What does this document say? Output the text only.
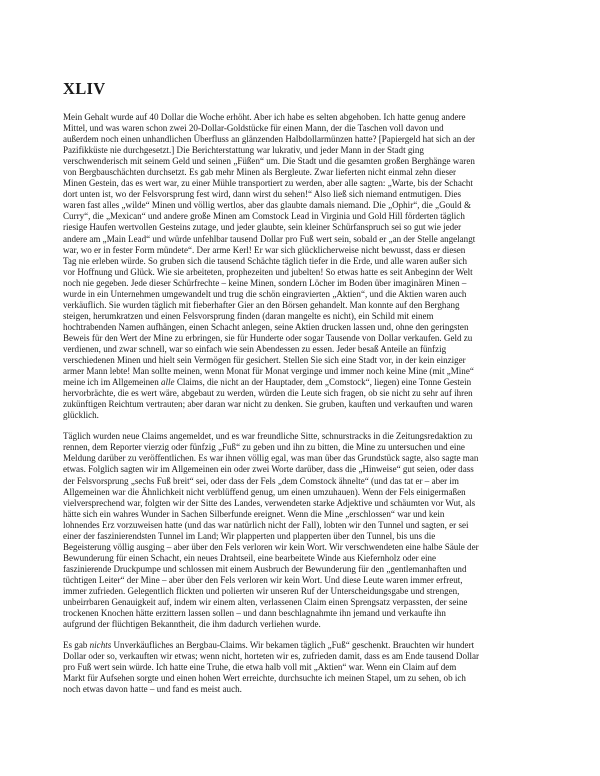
XLIV

Mein Gehalt wurde auf 40 Dollar die Woche erhöht. Aber ich habe es selten abgehoben. Ich hatte genug andere
Mittel, und was waren schon zwei 20-Dollar-Goldstücke für einen Mann, der die Taschen voll davon und
außerdem noch einen unhandlichen Überfluss an glänzenden Halbdollarmünzen hatte? [Papiergeld hat sich an der
Pazifikküste nie durchgesetzt.] Die Berichterstattung war lukrativ, und jeder Mann in der Stadt ging
verschwenderisch mit seinem Geld und seinen „Füßen“ um. Die Stadt und die gesamten großen Berghänge waren
von Bergbauschächten durchsetzt. Es gab mehr Minen als Bergleute. Zwar lieferten nicht einmal zehn dieser
Minen Gestein, das es wert war, zu einer Mühle transportiert zu werden, aber alle sagten: „Warte, bis der Schacht
dort unten ist, wo der Felsvorsprung fest wird, dann wirst du sehen!“ Also ließ sich niemand entmutigen. Dies
waren fast alles „wilde“ Minen und völlig wertlos, aber das glaubte damals niemand. Die „Ophir“, die „Gould &
Curry“, die „Mexican“ und andere große Minen am Comstock Lead in Virginia und Gold Hill förderten täglich
riesige Haufen wertvollen Gesteins zutage, und jeder glaubte, sein kleiner Schürfanspruch sei so gut wie jeder
andere am „Main Lead“ und würde unfehlbar tausend Dollar pro Fuß wert sein, sobald er „an der Stelle angelangt
war, wo er in fester Form mündete“. Der arme Kerl! Er war sich glücklicherweise nicht bewusst, dass er diesen
Tag nie erleben würde. So gruben sich die tausend Schächte täglich tiefer in die Erde, und alle waren außer sich
vor Hoffnung und Glück. Wie sie arbeiteten, prophezeiten und jubelten! So etwas hatte es seit Anbeginn der Welt
noch nie gegeben. Jede dieser Schürfrechte – keine Minen, sondern Löcher im Boden über imaginären Minen –
wurde in ein Unternehmen umgewandelt und trug die schön eingravierten „Aktien“, und die Aktien waren auch
verkäuflich. Sie wurden täglich mit fieberhafter Gier an den Börsen gehandelt. Man konnte auf den Berghang
steigen, herumkratzen und einen Felsvorsprung finden (daran mangelte es nicht), ein Schild mit einem
hochtrabenden Namen aufhängen, einen Schacht anlegen, seine Aktien drucken lassen und, ohne den geringsten
Beweis für den Wert der Mine zu erbringen, sie für Hunderte oder sogar Tausende von Dollar verkaufen. Geld zu
verdienen, und zwar schnell, war so einfach wie sein Abendessen zu essen. Jeder besaß Anteile an fünfzig
verschiedenen Minen und hielt sein Vermögen für gesichert. Stellen Sie sich eine Stadt vor, in der kein einziger
armer Mann lebte! Man sollte meinen, wenn Monat für Monat verginge und immer noch keine Mine (mit „Mine“
meine ich im Allgemeinen alle Claims, die nicht an der Hauptader, dem „Comstock“, liegen) eine Tonne Gestein
hervorbrächte, die es wert wäre, abgebaut zu werden, würden die Leute sich fragen, ob sie nicht zu sehr auf ihren
zukünftigen Reichtum vertrauten; aber daran war nicht zu denken. Sie gruben, kauften und verkauften und waren
glücklich.

Täglich wurden neue Claims angemeldet, und es war freundliche Sitte, schnurstracks in die Zeitungsredaktion zu
rennen, dem Reporter vierzig oder fünfzig „Fuß“ zu geben und ihn zu bitten, die Mine zu untersuchen und eine
Meldung darüber zu veröffentlichen. Es war ihnen völlig egal, was man über das Grundstück sagte, also sagte man
etwas. Folglich sagten wir im Allgemeinen ein oder zwei Worte darüber, dass die „Hinweise“ gut seien, oder dass
der Felsvorsprung „sechs Fuß breit“ sei, oder dass der Fels „dem Comstock ähnelte“ (und das tat er – aber im
Allgemeinen war die Ähnlichkeit nicht verblüffend genug, um einen umzuhauen). Wenn der Fels einigermaßen
vielversprechend war, folgten wir der Sitte des Landes, verwendeten starke Adjektive und schäumten vor Wut, als
hätte sich ein wahres Wunder in Sachen Silberfunde ereignet. Wenn die Mine „erschlossen“ war und kein
lohnendes Erz vorzuweisen hatte (und das war natürlich nicht der Fall), lobten wir den Tunnel und sagten, er sei
einer der faszinierendsten Tunnel im Land; Wir plapperten und plapperten über den Tunnel, bis uns die
Begeisterung völlig ausging – aber über den Fels verloren wir kein Wort. Wir verschwendeten eine halbe Säule der
Bewunderung für einen Schacht, ein neues Drahtseil, eine bearbeitete Winde aus Kiefernholz oder eine
faszinierende Druckpumpe und schlossen mit einem Ausbruch der Bewunderung für den „gentlemanhaften und
tüchtigen Leiter“ der Mine – aber über den Fels verloren wir kein Wort. Und diese Leute waren immer erfreut,
immer zufrieden. Gelegentlich flickten und polierten wir unseren Ruf der Unterscheidungsgabe und strengen,
unbeirrbaren Genauigkeit auf, indem wir einem alten, verlassenen Claim einen Sprengsatz verpassten, der seine
trockenen Knochen hätte erzittern lassen sollen – und dann beschlagnahmte ihn jemand und verkaufte ihn
aufgrund der flüchtigen Bekanntheit, die ihm dadurch verliehen wurde.

Es gab nichts Unverkäufliches an Bergbau-Claims. Wir bekamen täglich „Fuß“ geschenkt. Brauchten wir hundert
Dollar oder so, verkauften wir etwas; wenn nicht, horteten wir es, zufrieden damit, dass es am Ende tausend Dollar
pro Fuß wert sein würde. Ich hatte eine Truhe, die etwa halb voll mit „Aktien“ war. Wenn ein Claim auf dem
Markt für Aufsehen sorgte und einen hohen Wert erreichte, durchsuchte ich meinen Stapel, um zu sehen, ob ich
noch etwas davon hatte – und fand es meist auch.
